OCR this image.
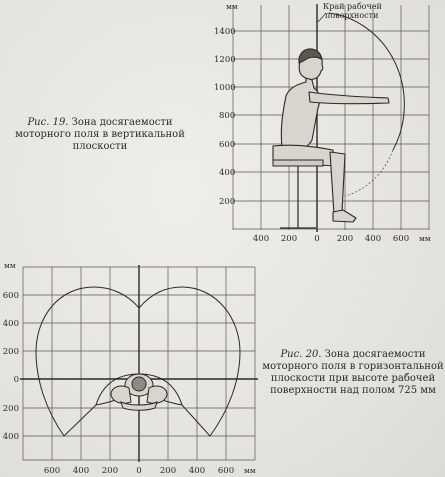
1400
1200
1000
800
600
400
200
400 200 0 200 400 600
мм
мм
Край рабочей
поверхности
600
400
200
0
200
400
600 400 200 0 200 400 600
мм
мм
Рис. 19. Зона досягаемости моторного поля в вертикальной плоскости
Рис. 20. Зона досягаемости моторного поля в горизонтальной плоскости при высоте рабочей поверхности над полом 725 мм
